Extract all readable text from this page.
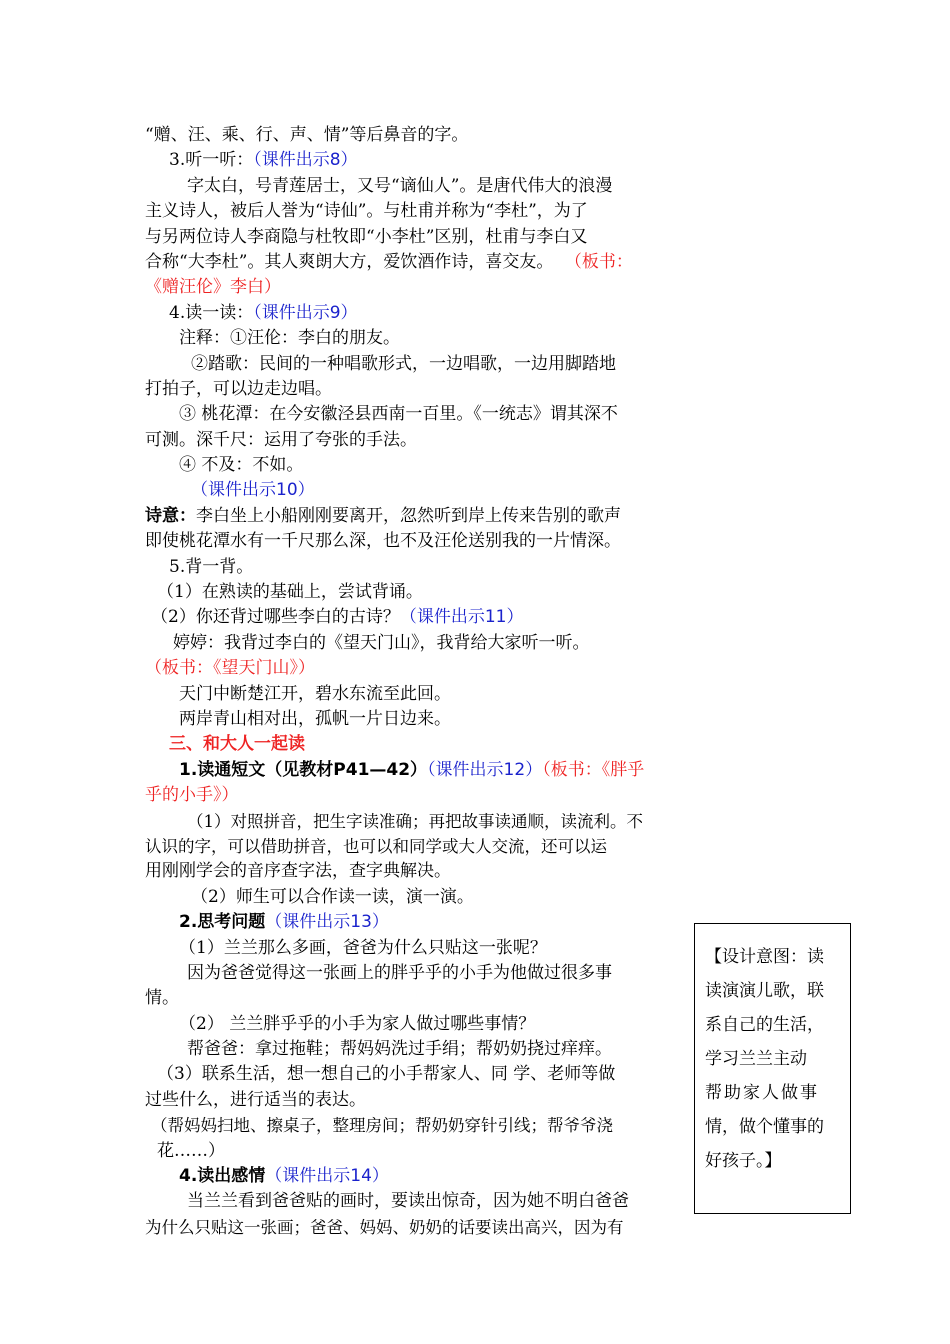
“赠、汪、乘、行、声、情”等后鼻音的字。
3.听一听：（课件出示8）
字太白，号青莲居士，又号“谪仙人”。是唐代伟大的浪漫
主义诗人，被后人誉为“诗仙”。与杜甫并称为“李杜”，为了
与另两位诗人李商隐与杜牧即“小李杜”区别，杜甫与李白又
合称“大李杜”。其人爽朗大方，爱饮酒作诗，喜交友。 （板书：
《赠汪伦》李白）
4.读一读：（课件出示9）
注释：①汪伦：李白的朋友。
②踏歌：民间的一种唱歌形式，一边唱歌，一边用脚踏地
打拍子，可以边走边唱。
③ 桃花潭：在今安徽泾县西南一百里。《一统志》谓其深不
可测。深千尺：运用了夸张的手法。
④ 不及：不如。
（课件出示10）
诗意：李白坐上小船刚刚要离开，忽然听到岸上传来告别的歌声
即使桃花潭水有一千尺那么深，也不及汪伦送别我的一片情深。
5.背一背。
（1）在熟读的基础上，尝试背诵。
（2）你还背过哪些李白的古诗？（课件出示11）
婷婷：我背过李白的《望天门山》，我背给大家听一听。
（板书：《望天门山》）
天门中断楚江开，碧水东流至此回。
两岸青山相对出，孤帆一片日边来。
三、和大人一起读
1.读通短文（见教材P41—42）（课件出示12）（板书：《胖乎
乎的小手》）
（1）对照拼音，把生字读准确；再把故事读通顺，读流利。不
认识的字，可以借助拼音，也可以和同学或大人交流，还可以运
用刚刚学会的音序查字法，查字典解决。
（2）师生可以合作读一读，演一演。
2.思考问题（课件出示13）
（1）兰兰那么多画，爸爸为什么只贴这一张呢？
因为爸爸觉得这一张画上的胖乎乎的小手为他做过很多事
情。
（2） 兰兰胖乎乎的小手为家人做过哪些事情？
帮爸爸：拿过拖鞋；帮妈妈洗过手绢；帮奶奶挠过痒痒。
（3）联系生活，想一想自己的小手帮家人、同 学、老师等做
过些什么，进行适当的表达。
（帮妈妈扫地、擦桌子，整理房间；帮奶奶穿针引线；帮爷爷浇
花……）
4.读出感情（课件出示14）
当兰兰看到爸爸贴的画时，要读出惊奇，因为她不明白爸爸
为什么只贴这一张画；爸爸、妈妈、奶奶的话要读出高兴，因为有
【设计意图：读
读演演儿歌，联
系自己的生活，
学习兰兰主动
帮助家人做事
情，做个懂事的
好孩子。】
